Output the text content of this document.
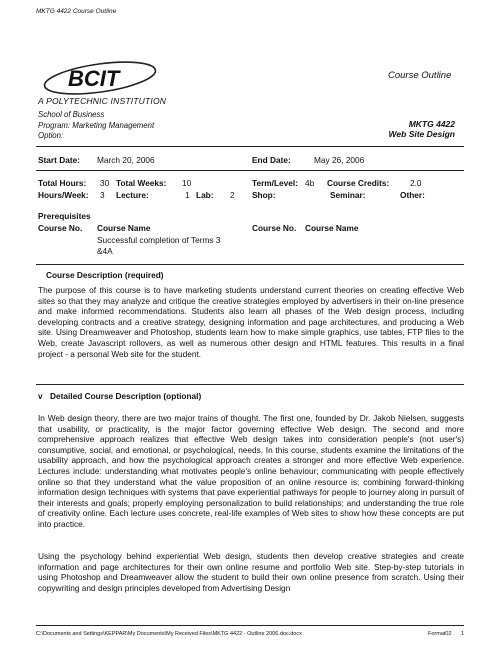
MKTG 4422 Course Outline
BCIT
A POLYTECHNIC INSTITUTION
Course Outline
School of Business
Program: Marketing Management
Option:
MKTG 4422
Web Site Design
Start Date: March 20, 2006	End Date:	May 26, 2006
Total Hours: 30 Total Weeks: 10	Term/Level: 4b Course Credits:	2.0
Hours/Week: 3 Lecture:	1 Lab: 2 Shop:	Seminar:	Other:
Prerequisites
Course No. Course Name	Course No. Course Name
Successful completion of Terms 3
&4A
Course Description (required)
The purpose of this course is to have marketing students understand current theories on creating effective Web sites so that they may analyze and critique the creative strategies employed by advertisers in their on-line presence and make informed recommendations. Students also learn all phases of the Web design process, including developing contracts and a creative strategy, designing information and page architectures, and producing a Web site. Using Dreamweaver and Photoshop, students learn how to make simple graphics, use tables, FTP files to the Web, create Javascript rollovers, as well as numerous other design and HTML features. This results in a final project - a personal Web site for the student.
v Detailed Course Description (optional)
In Web design theory, there are two major trains of thought. The first one, founded by Dr. Jakob Nielsen, suggests that usability, or practicality, is the major factor governing effective Web design. The second and more comprehensive approach realizes that effective Web design takes into consideration people's (not user's) consumptive, social, and emotional, or psychological, needs. In this course, students examine the limitations of the usability approach, and how the psychological approach creates a stronger and more effective Web experience. Lectures include: understanding what motivates people's online behaviour; communicating with people effectively online so that they understand what the value proposition of an online resource is; combining forward-thinking information design techniques with systems that pave experiential pathways for people to journey along in pursuit of their interests and goals; properly employing personalization to build relationships; and understanding the true role of creativity online. Each lecture uses concrete, real-life examples of Web sites to show how these concepts are put into practice.
Using the psychology behind experiential Web design, students then develop creative strategies and create information and page architectures for their own online resume and portfolio Web site. Step-by-step tutorials in using Photoshop and Dreamweaver allow the student to build their own online presence from scratch. Using their copywriting and design principles developed from Advertising Design
C:\Documents and Settings\KEPPAR\My Documents\My Received Files\MKTG 4422 - Outline 2006.doc.docx	Format02 1
